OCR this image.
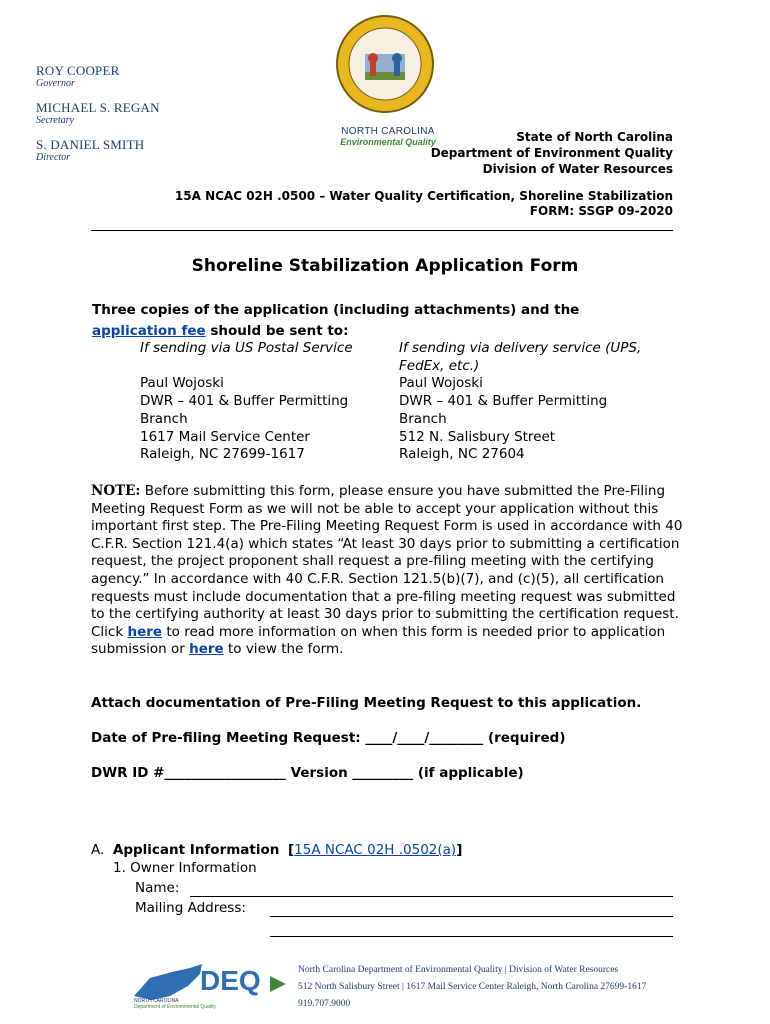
ROY COOPER
Governor
MICHAEL S. REGAN
Secretary
S. DANIEL SMITH
Director
NORTH CAROLINA
Environmental Quality	State of North Carolina
Department of Environment Quality
Division of Water Resources
15A NCAC 02H .0500 – Water Quality Certification, Shoreline Stabilization
FORM: SSGP 09-2020
Shoreline Stabilization Application Form
Three copies of the application (including attachments) and the
application fee should be sent to:
If sending via US Postal Service
Paul Wojoski
DWR – 401 & Buffer Permitting
Branch
1617 Mail Service Center
Raleigh, NC 27699-1617
If sending via delivery service (UPS,
FedEx, etc.)
Paul Wojoski
DWR – 401 & Buffer Permitting
Branch
512 N. Salisbury Street
Raleigh, NC 27604
NOTE: Before submitting this form, please ensure you have submitted the Pre-Filing Meeting Request Form as we will not be able to accept your application without this important first step. The Pre-Filing Meeting Request Form is used in accordance with 40 C.F.R. Section 121.4(a) which states “At least 30 days prior to submitting a certification request, the project proponent shall request a pre-filing meeting with the certifying agency.” In accordance with 40 C.F.R. Section 121.5(b)(7), and (c)(5), all certification requests must include documentation that a pre-filing meeting request was submitted to the certifying authority at least 30 days prior to submitting the certification request. Click here to read more information on when this form is needed prior to application submission or here to view the form.
Attach documentation of Pre-Filing Meeting Request to this application.
Date of Pre-filing Meeting Request: ____/____/________ (required)
DWR ID #__________________ Version _________ (if applicable)
A. Applicant Information [15A NCAC 02H .0502(a)]
1. Owner Information
Name:
Mailing Address:
DEQ
NORTH CAROLINA
Department of Environmental Quality
North Carolina Department of Environmental Quality | Division of Water Resources
512 North Salisbury Street | 1617 Mail Service Center Raleigh, North Carolina 27699-1617
919.707.9000
